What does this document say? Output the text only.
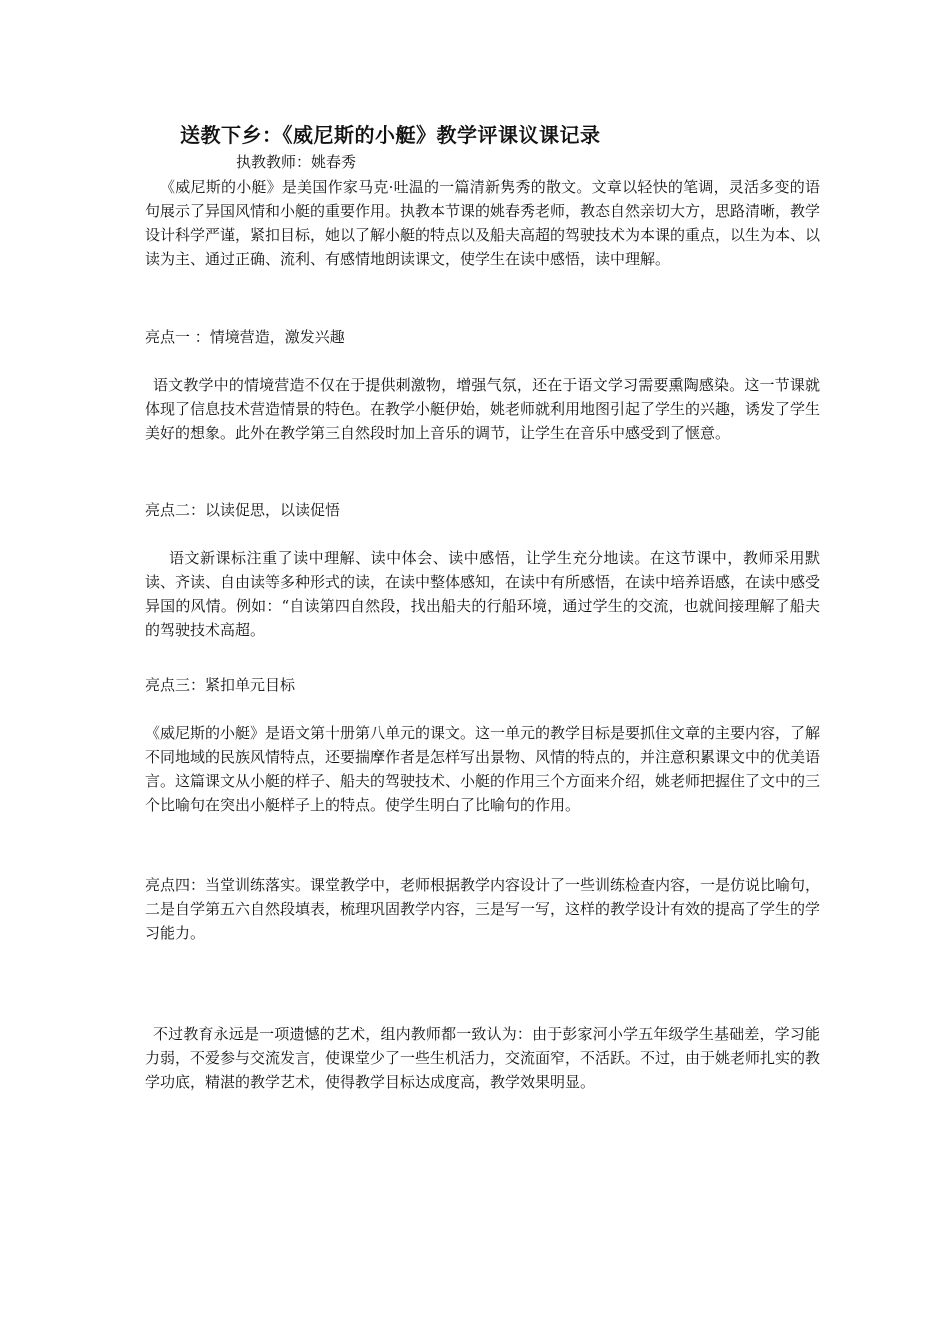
送教下乡：《威尼斯的小艇》教学评课议课记录

执教教师：姚春秀

《威尼斯的小艇》是美国作家马克·吐温的一篇清新隽秀的散文。文章以轻快的笔调，灵活多变的语句展示了异国风情和小艇的重要作用。执教本节课的姚春秀老师，教态自然亲切大方，思路清晰，教学设计科学严谨，紧扣目标，她以了解小艇的特点以及船夫高超的驾驶技术为本课的重点，以生为本、以读为主、通过正确、流利、有感情地朗读课文，使学生在读中感悟，读中理解。

亮点一 ：情境营造，激发兴趣

语文教学中的情境营造不仅在于提供刺激物，增强气氛，还在于语文学习需要熏陶感染。这一节课就体现了信息技术营造情景的特色。在教学小艇伊始，姚老师就利用地图引起了学生的兴趣，诱发了学生美好的想象。此外在教学第三自然段时加上音乐的调节，让学生在音乐中感受到了惬意。

亮点二：以读促思，以读促悟

语文新课标注重了读中理解、读中体会、读中感悟，让学生充分地读。在这节课中，教师采用默读、齐读、自由读等多种形式的读，在读中整体感知，在读中有所感悟，在读中培养语感，在读中感受异国的风情。例如：“自读第四自然段，找出船夫的行船环境，通过学生的交流，也就间接理解了船夫的驾驶技术高超。

亮点三：紧扣单元目标

《威尼斯的小艇》是语文第十册第八单元的课文。这一单元的教学目标是要抓住文章的主要内容，了解不同地域的民族风情特点，还要揣摩作者是怎样写出景物、风情的特点的，并注意积累课文中的优美语言。这篇课文从小艇的样子、船夫的驾驶技术、小艇的作用三个方面来介绍，姚老师把握住了文中的三个比喻句在突出小艇样子上的特点。使学生明白了比喻句的作用。

亮点四：当堂训练落实。课堂教学中，老师根据教学内容设计了一些训练检查内容，一是仿说比喻句，二是自学第五六自然段填表，梳理巩固教学内容，三是写一写，这样的教学设计有效的提高了学生的学习能力。

不过教育永远是一项遗憾的艺术，组内教师都一致认为：由于彭家河小学五年级学生基础差，学习能力弱，不爱参与交流发言，使课堂少了一些生机活力，交流面窄，不活跃。不过，由于姚老师扎实的教学功底，精湛的教学艺术，使得教学目标达成度高，教学效果明显。
